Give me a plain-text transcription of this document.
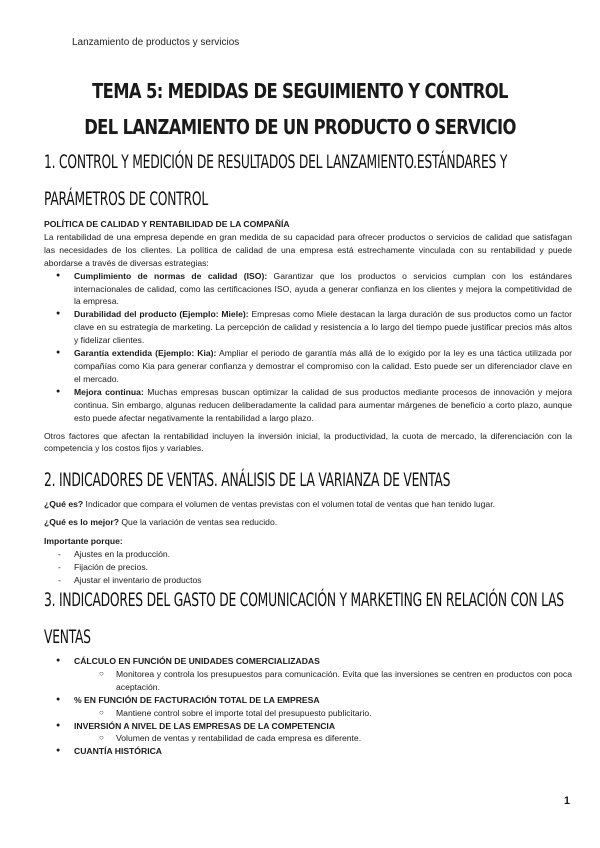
Lanzamiento de productos y servicios
TEMA 5: MEDIDAS DE SEGUIMIENTO Y CONTROL DEL LANZAMIENTO DE UN PRODUCTO O SERVICIO
1. CONTROL Y MEDICIÓN DE RESULTADOS DEL LANZAMIENTO.ESTÁNDARES Y PARÁMETROS DE CONTROL
POLÍTICA DE CALIDAD Y RENTABILIDAD DE LA COMPAÑÍA

La rentabilidad de una empresa depende en gran medida de su capacidad para ofrecer productos o servicios de calidad que satisfagan las necesidades de los clientes. La política de calidad de una empresa está estrechamente vinculada con su rentabilidad y puede abordarse a través de diversas estrategias:

● Cumplimiento de normas de calidad (ISO): Garantizar que los productos o servicios cumplan con los estándares internacionales de calidad, como las certificaciones ISO, ayuda a generar confianza en los clientes y mejora la competitividad de la empresa.
● Durabilidad del producto (Ejemplo: Miele): Empresas como Miele destacan la larga duración de sus productos como un factor clave en su estrategia de marketing. La percepción de calidad y resistencia a lo largo del tiempo puede justificar precios más altos y fidelizar clientes.
● Garantía extendida (Ejemplo: Kia): Ampliar el periodo de garantía más allá de lo exigido por la ley es una táctica utilizada por compañías como Kia para generar confianza y demostrar el compromiso con la calidad. Esto puede ser un diferenciador clave en el mercado.
● Mejora continua: Muchas empresas buscan optimizar la calidad de sus productos mediante procesos de innovación y mejora continua. Sin embargo, algunas reducen deliberadamente la calidad para aumentar márgenes de beneficio a corto plazo, aunque esto puede afectar negativamente la rentabilidad a largo plazo.

Otros factores que afectan la rentabilidad incluyen la inversión inicial, la productividad, la cuota de mercado, la diferenciación con la competencia y los costos fijos y variables.

2. INDICADORES DE VENTAS. ANÁLISIS DE LA VARIANZA DE VENTAS

¿Qué es? Indicador que compara el volumen de ventas previstas con el volumen total de ventas que han tenido lugar.

¿Qué es lo mejor? Que la variación de ventas sea reducido.

Importante porque:

- Ajustes en la producción.
- Fijación de precios.
- Ajustar el inventario de productos
3. INDICADORES DEL GASTO DE COMUNICACIÓN Y MARKETING EN RELACIÓN CON LAS VENTAS
● CÁLCULO EN FUNCIÓN DE UNIDADES COMERCIALIZADAS
○ Monitorea y controla los presupuestos para comunicación. Evita que las inversiones se centren en productos con poca aceptación.
● % EN FUNCIÓN DE FACTURACIÓN TOTAL DE LA EMPRESA
○ Mantiene control sobre el importe total del presupuesto publicitario.
● INVERSIÓN A NIVEL DE LAS EMPRESAS DE LA COMPETENCIA
○ Volumen de ventas y rentabilidad de cada empresa es diferente.
● CUANTÍA HISTÓRICA
1
